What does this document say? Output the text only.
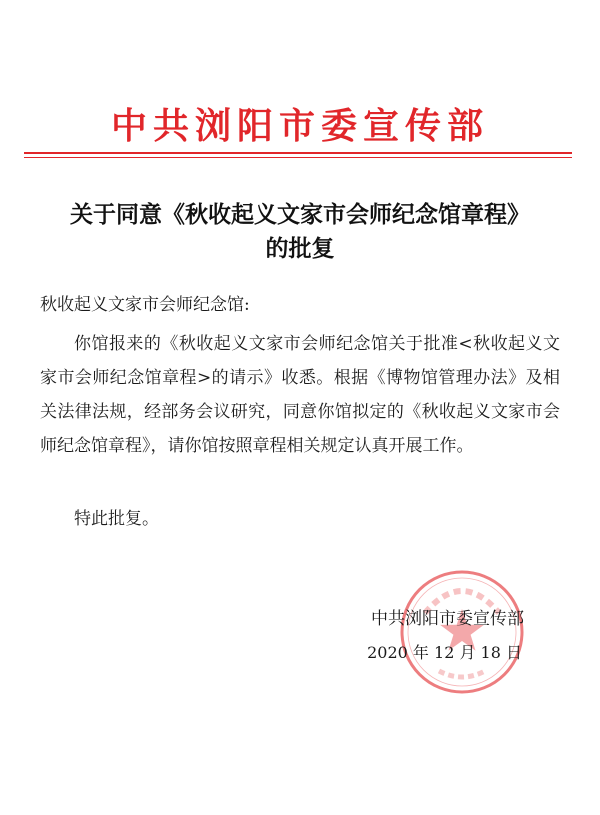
中共浏阳市委宣传部
关于同意《秋收起义文家市会师纪念馆章程》
的批复
秋收起义文家市会师纪念馆:
你馆报来的《秋收起义文家市会师纪念馆关于批准<秋收起义文家市会师纪念馆章程>的请示》收悉。根据《博物馆管理办法》及相关法律法规，经部务会议研究，同意你馆拟定的《秋收起义文家市会师纪念馆章程》，请你馆按照章程相关规定认真开展工作。
特此批复。
中共浏阳市委宣传部
2020 年 12 月 18 日
